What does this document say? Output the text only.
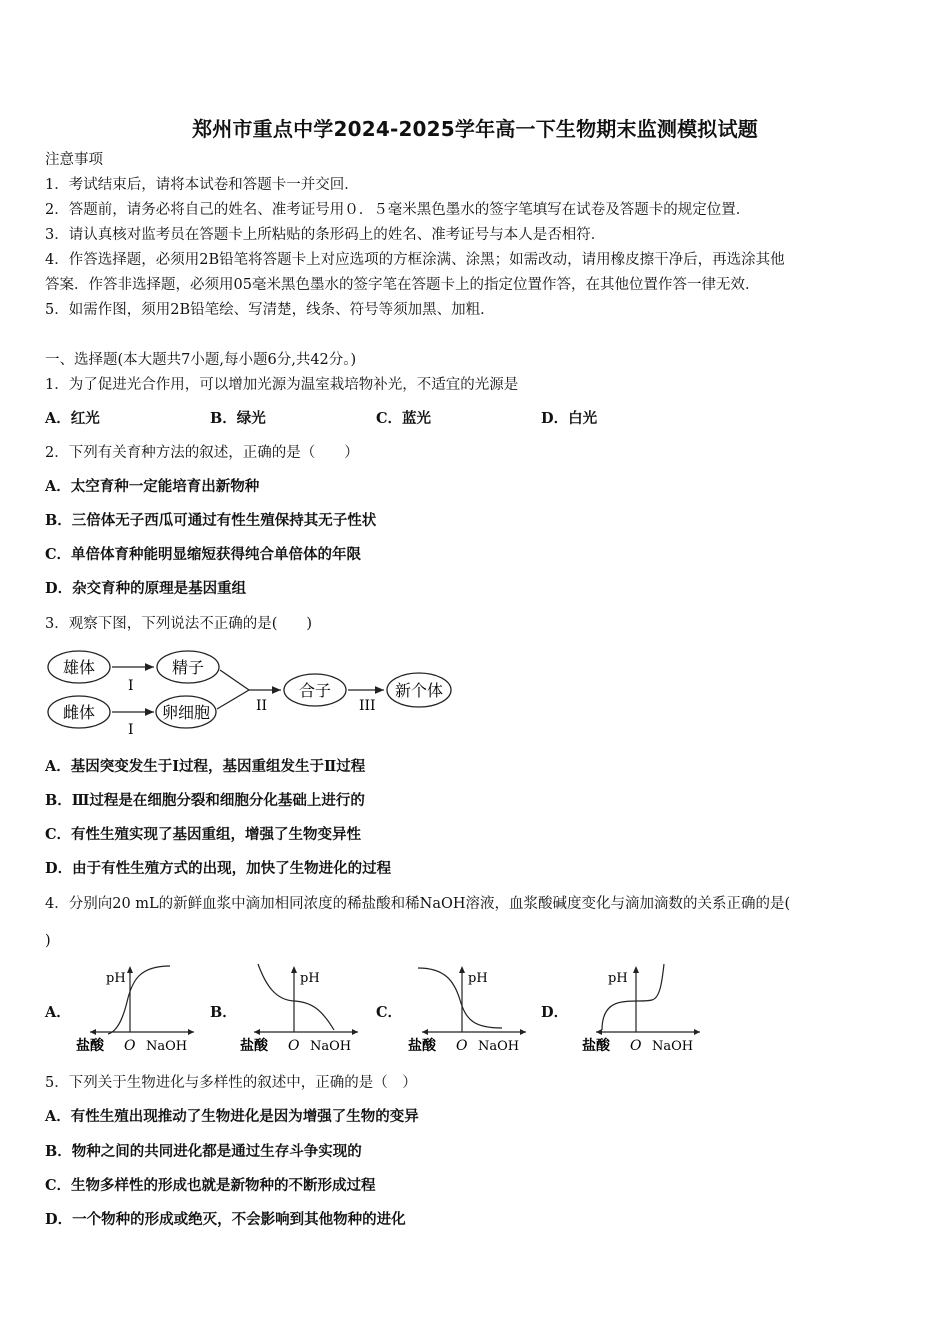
郑州市重点中学2024-2025学年高一下生物期末监测模拟试题
注意事项
1．考试结束后，请将本试卷和答题卡一并交回．
2．答题前，请务必将自己的姓名、准考证号用０．５毫米黑色墨水的签字笔填写在试卷及答题卡的规定位置．
3．请认真核对监考员在答题卡上所粘贴的条形码上的姓名、准考证号与本人是否相符．
4．作答选择题，必须用2B铅笔将答题卡上对应选项的方框涂满、涂黑；如需改动，请用橡皮擦干净后，再选涂其他
答案．作答非选择题，必须用05毫米黑色墨水的签字笔在答题卡上的指定位置作答，在其他位置作答一律无效．
5．如需作图，须用2B铅笔绘、写清楚，线条、符号等须加黑、加粗．
一、选择题(本大题共7小题,每小题6分,共42分。)
1．为了促进光合作用，可以增加光源为温室栽培物补光，不适宜的光源是
A．红光	B．绿光	C．蓝光	D．白光
2．下列有关育种方法的叙述，正确的是（　　）
A．太空育种一定能培育出新物种
B．三倍体无子西瓜可通过有性生殖保持其无子性状
C．单倍体育种能明显缩短获得纯合单倍体的年限
D．杂交育种的原理是基因重组
3．观察下图，下列说法不正确的是(　　)
雄体
雌体
I
I
精子
卵细胞	II
合子
III
新个体
A．基因突变发生于Ⅰ过程，基因重组发生于Ⅱ过程
B．Ⅲ过程是在细胞分裂和细胞分化基础上进行的
C．有性生殖实现了基因重组，增强了生物变异性
D．由于有性生殖方式的出现，加快了生物进化的过程
4．分别向20 mL的新鲜血浆中滴加相同浓度的稀盐酸和稀NaOH溶液，血浆酸碱度变化与滴加滴数的关系正确的是(
)
A．	B．	C．	D．
pH
盐酸 O NaOH
pH
盐酸 O NaOH
pH
盐酸 O NaOH
pH
盐酸 O NaOH
5．下列关于生物进化与多样性的叙述中，正确的是（　）
A．有性生殖出现推动了生物进化是因为增强了生物的变异
B．物种之间的共同进化都是通过生存斗争实现的
C．生物多样性的形成也就是新物种的不断形成过程
D．一个物种的形成或绝灭，不会影响到其他物种的进化
